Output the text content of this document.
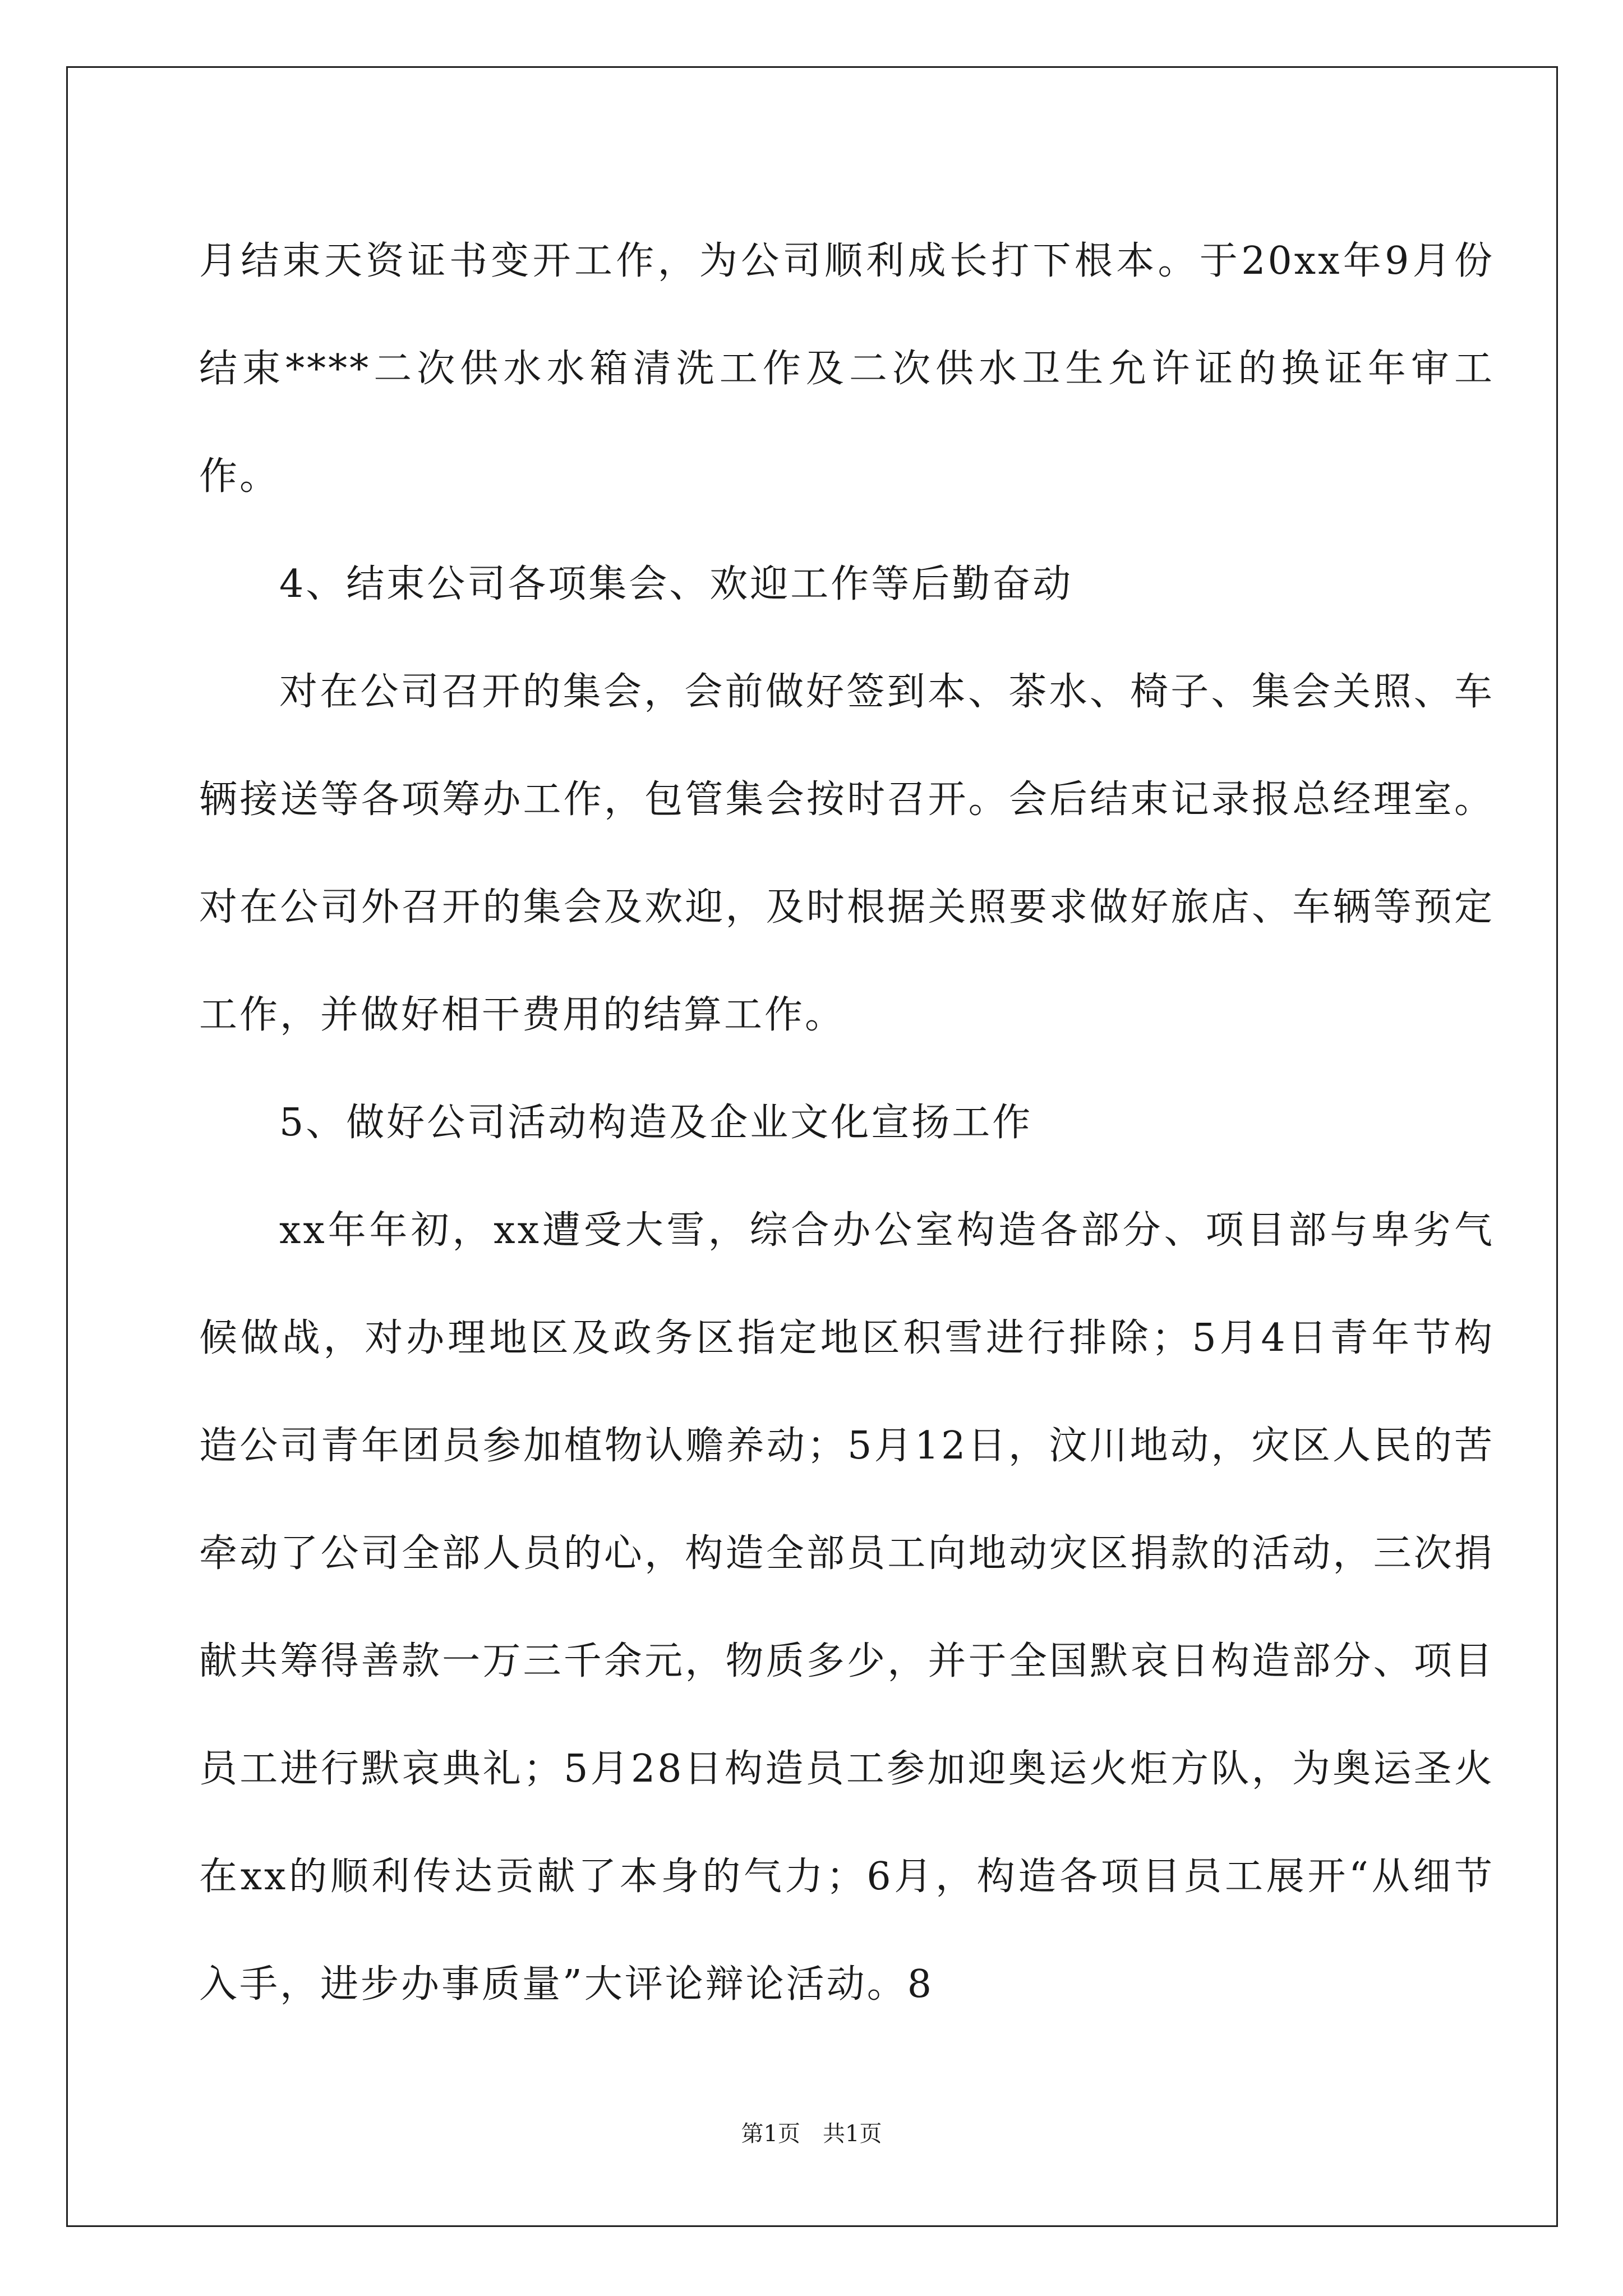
月结束天资证书变开工作，为公司顺利成长打下根本。于20xx年9月份结束****二次供水水箱清洗工作及二次供水卫生允许证的换证年审工作。

4、结束公司各项集会、欢迎工作等后勤奋动

对在公司召开的集会，会前做好签到本、茶水、椅子、集会关照、车辆接送等各项筹办工作，包管集会按时召开。会后结束记录报总经理室。对在公司外召开的集会及欢迎，及时根据关照要求做好旅店、车辆等预定工作，并做好相干费用的结算工作。

5、做好公司活动构造及企业文化宣扬工作

xx年年初，xx遭受大雪，综合办公室构造各部分、项目部与卑劣气候做战，对办理地区及政务区指定地区积雪进行排除；5月4日青年节构造公司青年团员参加植物认赡养动；5月12日，汶川地动，灾区人民的苦牵动了公司全部人员的心，构造全部员工向地动灾区捐款的活动，三次捐献共筹得善款一万三千余元，物质多少，并于全国默哀日构造部分、项目员工进行默哀典礼；5月28日构造员工参加迎奥运火炬方队，为奥运圣火在xx的顺利传达贡献了本身的气力；6月，构造各项目员工展开“从细节入手，进步办事质量”大评论辩论活动。8

第1页 共1页
